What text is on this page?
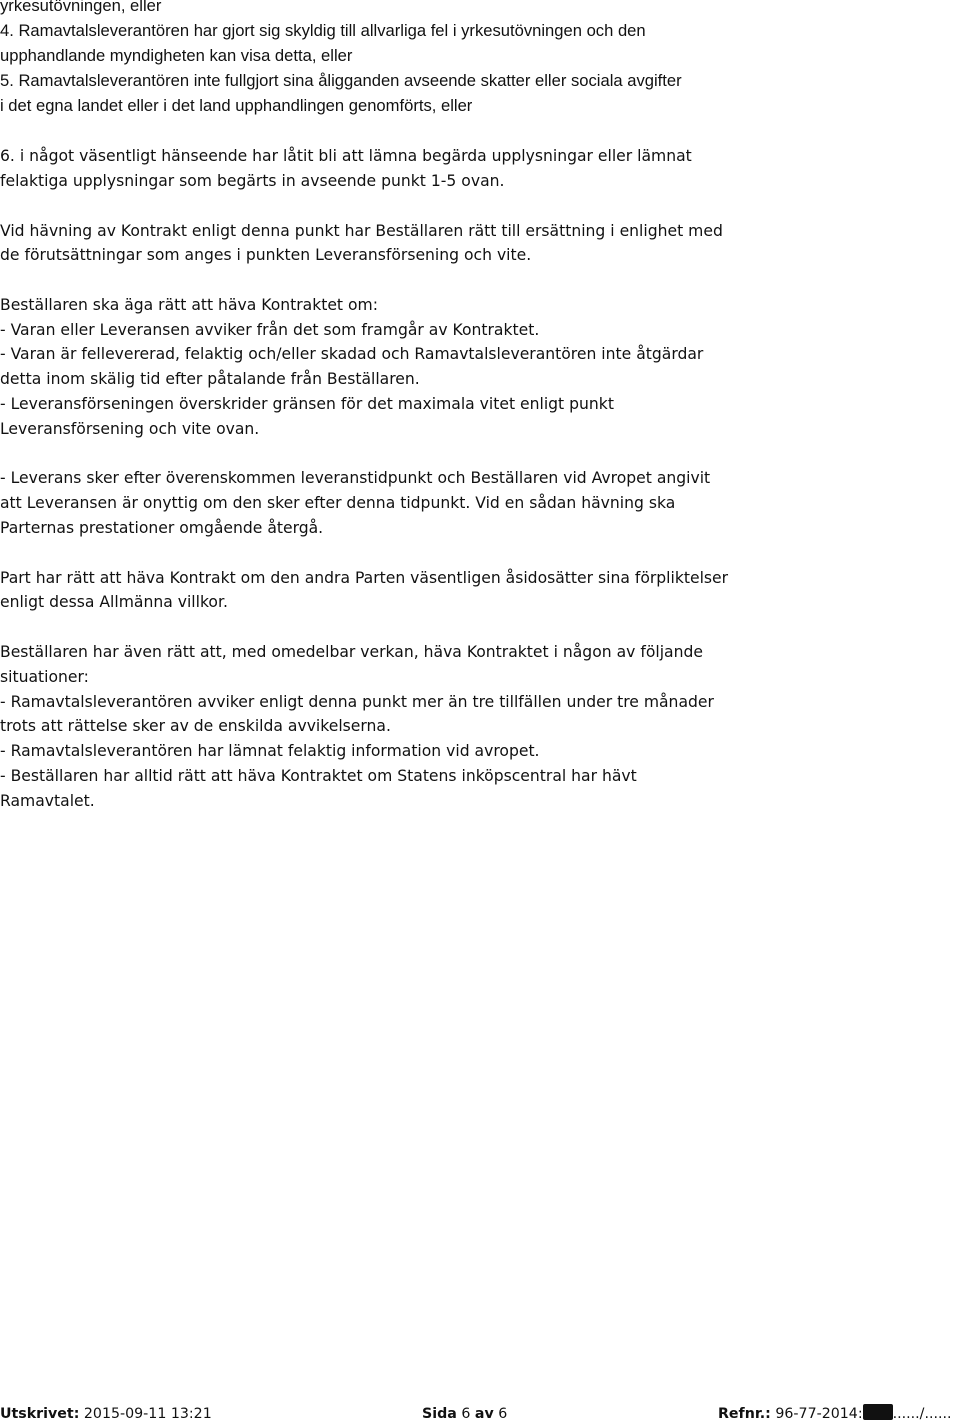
yrkesutövningen, eller
4. Ramavtalsleverantören har gjort sig skyldig till allvarliga fel i yrkesutövningen och den
upphandlande myndigheten kan visa detta, eller
5. Ramavtalsleverantören inte fullgjort sina åligganden avseende skatter eller sociala avgifter
i det egna landet eller i det land upphandlingen genomförts, eller
6. i något väsentligt hänseende har låtit bli att lämna begärda upplysningar eller lämnat
felaktiga upplysningar som begärts in avseende punkt 1-5 ovan.
Vid hävning av Kontrakt enligt denna punkt har Beställaren rätt till ersättning i enlighet med
de förutsättningar som anges i punkten Leveransförsening och vite.
Beställaren ska äga rätt att häva Kontraktet om:
- Varan eller Leveransen avviker från det som framgår av Kontraktet.
- Varan är fellevererad, felaktig och/eller skadad och Ramavtalsleverantören inte åtgärdar
detta inom skälig tid efter påtalande från Beställaren.
- Leveransförseningen överskrider gränsen för det maximala vitet enligt punkt
Leveransförsening och vite ovan.
- Leverans sker efter överenskommen leveranstidpunkt och Beställaren vid Avropet angivit
att Leveransen är onyttig om den sker efter denna tidpunkt. Vid en sådan hävning ska
Parternas prestationer omgående återgå.
Part har rätt att häva Kontrakt om den andra Parten väsentligen åsidosätter sina förpliktelser
enligt dessa Allmänna villkor.
Beställaren har även rätt att, med omedelbar verkan, häva Kontraktet i någon av följande
situationer:
- Ramavtalsleverantören avviker enligt denna punkt mer än tre tillfällen under tre månader
trots att rättelse sker av de enskilda avvikelserna.
- Ramavtalsleverantören har lämnat felaktig information vid avropet.
- Beställaren har alltid rätt att häva Kontraktet om Statens inköpscentral har hävt
Ramavtalet.
Utskrivet: 2015-09-11 13:21	Sida 6 av 6	Refnr.: 96-77-2014: ....../......
